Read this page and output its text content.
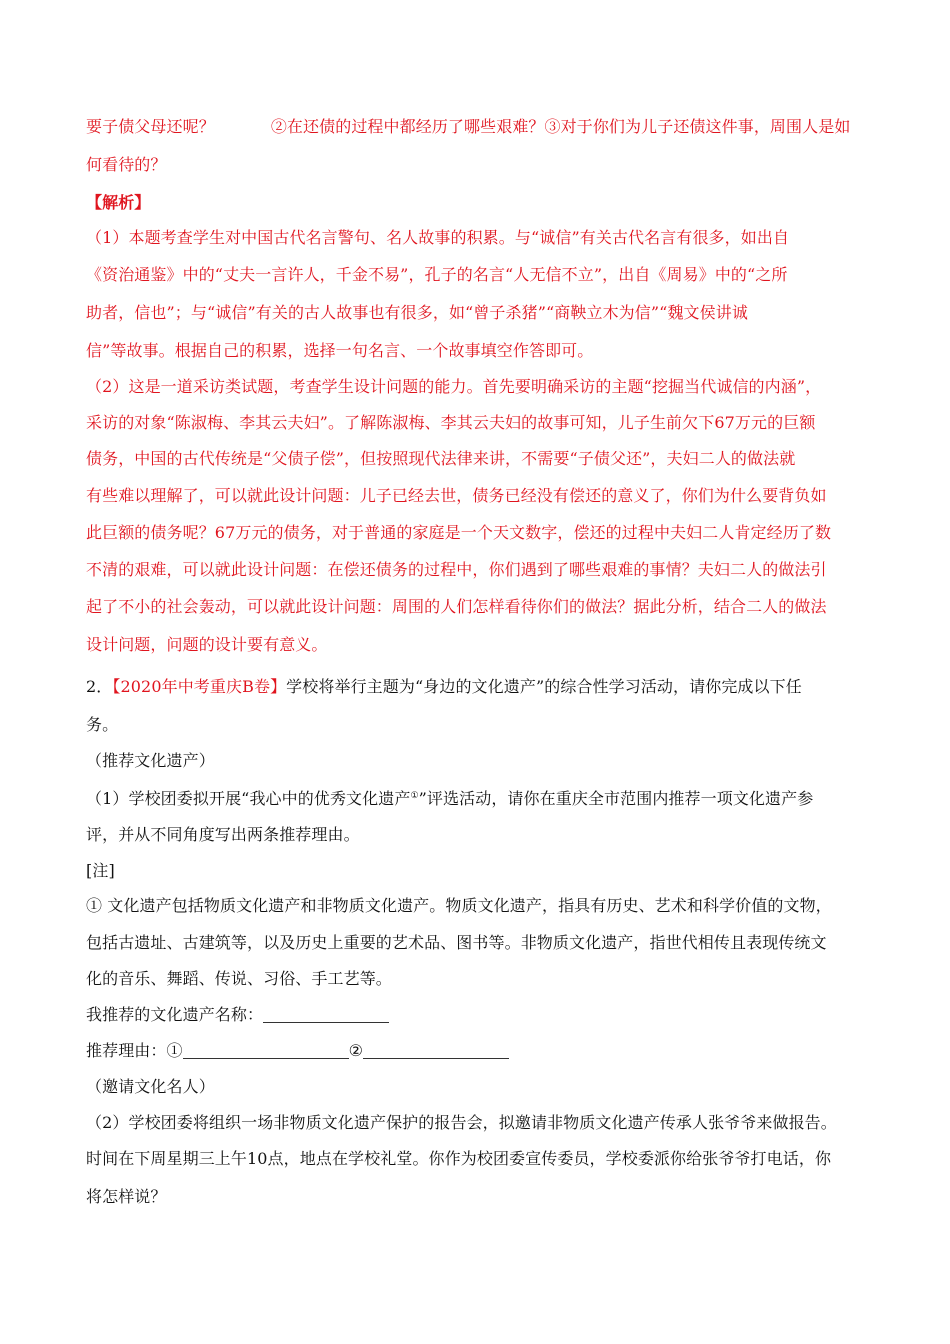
要子债父母还呢？	②在还债的过程中都经历了哪些艰难？③对于你们为儿子还债这件事，周围人是如
何看待的？
【解析】
（1）本题考查学生对中国古代名言警句、名人故事的积累。与“诚信”有关古代名言有很多，如出自
《资治通鉴》中的“丈夫一言许人，千金不易”，孔子的名言“人无信不立”，出自《周易》中的“之所
助者，信也”；与“诚信”有关的古人故事也有很多，如“曾子杀猪”“商鞅立木为信”“魏文侯讲诚
信”等故事。根据自己的积累，选择一句名言、一个故事填空作答即可。
（2）这是一道采访类试题，考查学生设计问题的能力。首先要明确采访的主题“挖掘当代诚信的内涵”，
采访的对象“陈淑梅、李其云夫妇”。了解陈淑梅、李其云夫妇的故事可知，儿子生前欠下67万元的巨额
债务，中国的古代传统是“父债子偿”，但按照现代法律来讲，不需要“子债父还”，夫妇二人的做法就
有些难以理解了，可以就此设计问题：儿子已经去世，债务已经没有偿还的意义了，你们为什么要背负如
此巨额的债务呢？67万元的债务，对于普通的家庭是一个天文数字，偿还的过程中夫妇二人肯定经历了数
不清的艰难，可以就此设计问题：在偿还债务的过程中，你们遇到了哪些艰难的事情？夫妇二人的做法引
起了不小的社会轰动，可以就此设计问题：周围的人们怎样看待你们的做法？据此分析，结合二人的做法
设计问题，问题的设计要有意义。
2．【2020年中考重庆B卷】学校将举行主题为“身边的文化遗产”的综合性学习活动，请你完成以下任
务。
（推荐文化遗产）
（1）学校团委拟开展“我心中的优秀文化遗产①”评选活动，请你在重庆全市范围内推荐一项文化遗产参
评，并从不同角度写出两条推荐理由。
[注]
① 文化遗产包括物质文化遗产和非物质文化遗产。物质文化遗产，指具有历史、艺术和科学价值的文物，
包括古遗址、古建筑等，以及历史上重要的艺术品、图书等。非物质文化遗产，指世代相传且表现传统文
化的音乐、舞蹈、传说、习俗、手工艺等。
我推荐的文化遗产名称：
推荐理由：①	②
（邀请文化名人）
（2）学校团委将组织一场非物质文化遗产保护的报告会，拟邀请非物质文化遗产传承人张爷爷来做报告。
时间在下周星期三上午10点，地点在学校礼堂。你作为校团委宣传委员，学校委派你给张爷爷打电话，你
将怎样说？
